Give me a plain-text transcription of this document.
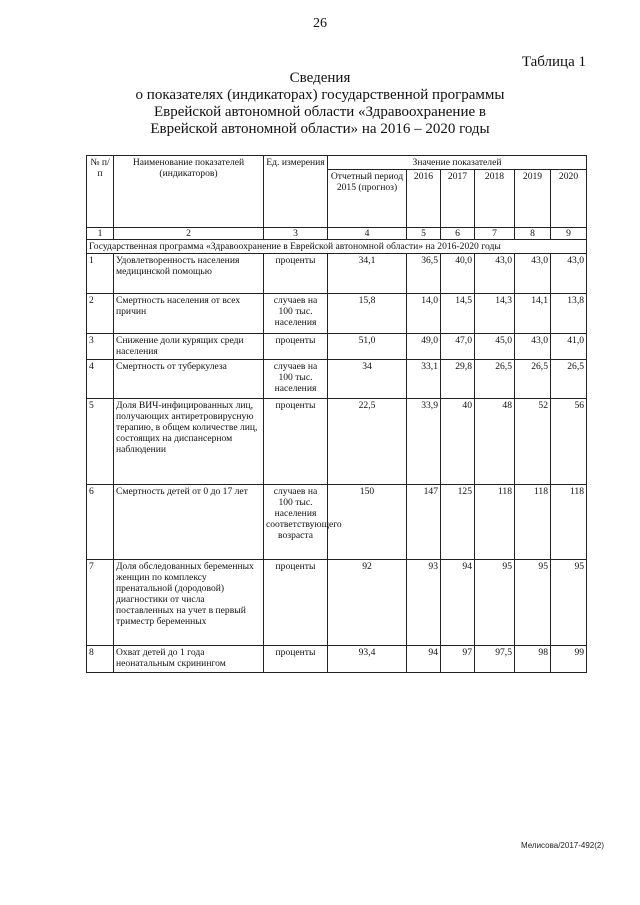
26
Таблица 1
Сведения
о показателях (индикаторах) государственной программы
Еврейской автономной области «Здравоохранение в
Еврейской автономной области» на 2016 – 2020 годы
№ п/п	Наименование показателей (индикаторов)	Ед. измерения	Значение показателей					
			Отчетный период 2015 (прогноз)	2016	2017	2018	2019	2020
1	2	3	4	5	6	7	8	9
Государственная программа «Здравоохранение в Еврейской автономной области» на 2016-2020 годы								
1	Удовлетворенность населения медицинской помощью	проценты	34,1	36,5	40,0	43,0	43,0	43,0
2	Смертность населения от всех причин	случаев на 100 тыс. населения	15,8	14,0	14,5	14,3	14,1	13,8
3	Снижение доли курящих среди населения	проценты	51,0	49,0	47,0	45,0	43,0	41,0
4	Смертность от туберкулеза	случаев на 100 тыс. населения	34	33,1	29,8	26,5	26,5	26,5
5	Доля ВИЧ-инфицированных лиц, получающих антиретровирусную терапию, в общем количестве лиц, состоящих на диспансерном наблюдении	проценты	22,5	33,9	40	48	52	56
6	Смертность детей от 0 до 17 лет	случаев на 100 тыс. населения соответствующего возраста	150	147	125	118	118	118
7	Доля обследованных беременных женщин по комплексу пренатальной (дородовой) диагностики от числа поставленных на учет в первый триместр беременных	проценты	92	93	94	95	95	95
8	Охват детей до 1 года неонатальным скринингом	проценты	93,4	94	97	97,5	98	99
Мелисова/2017-492(2)
